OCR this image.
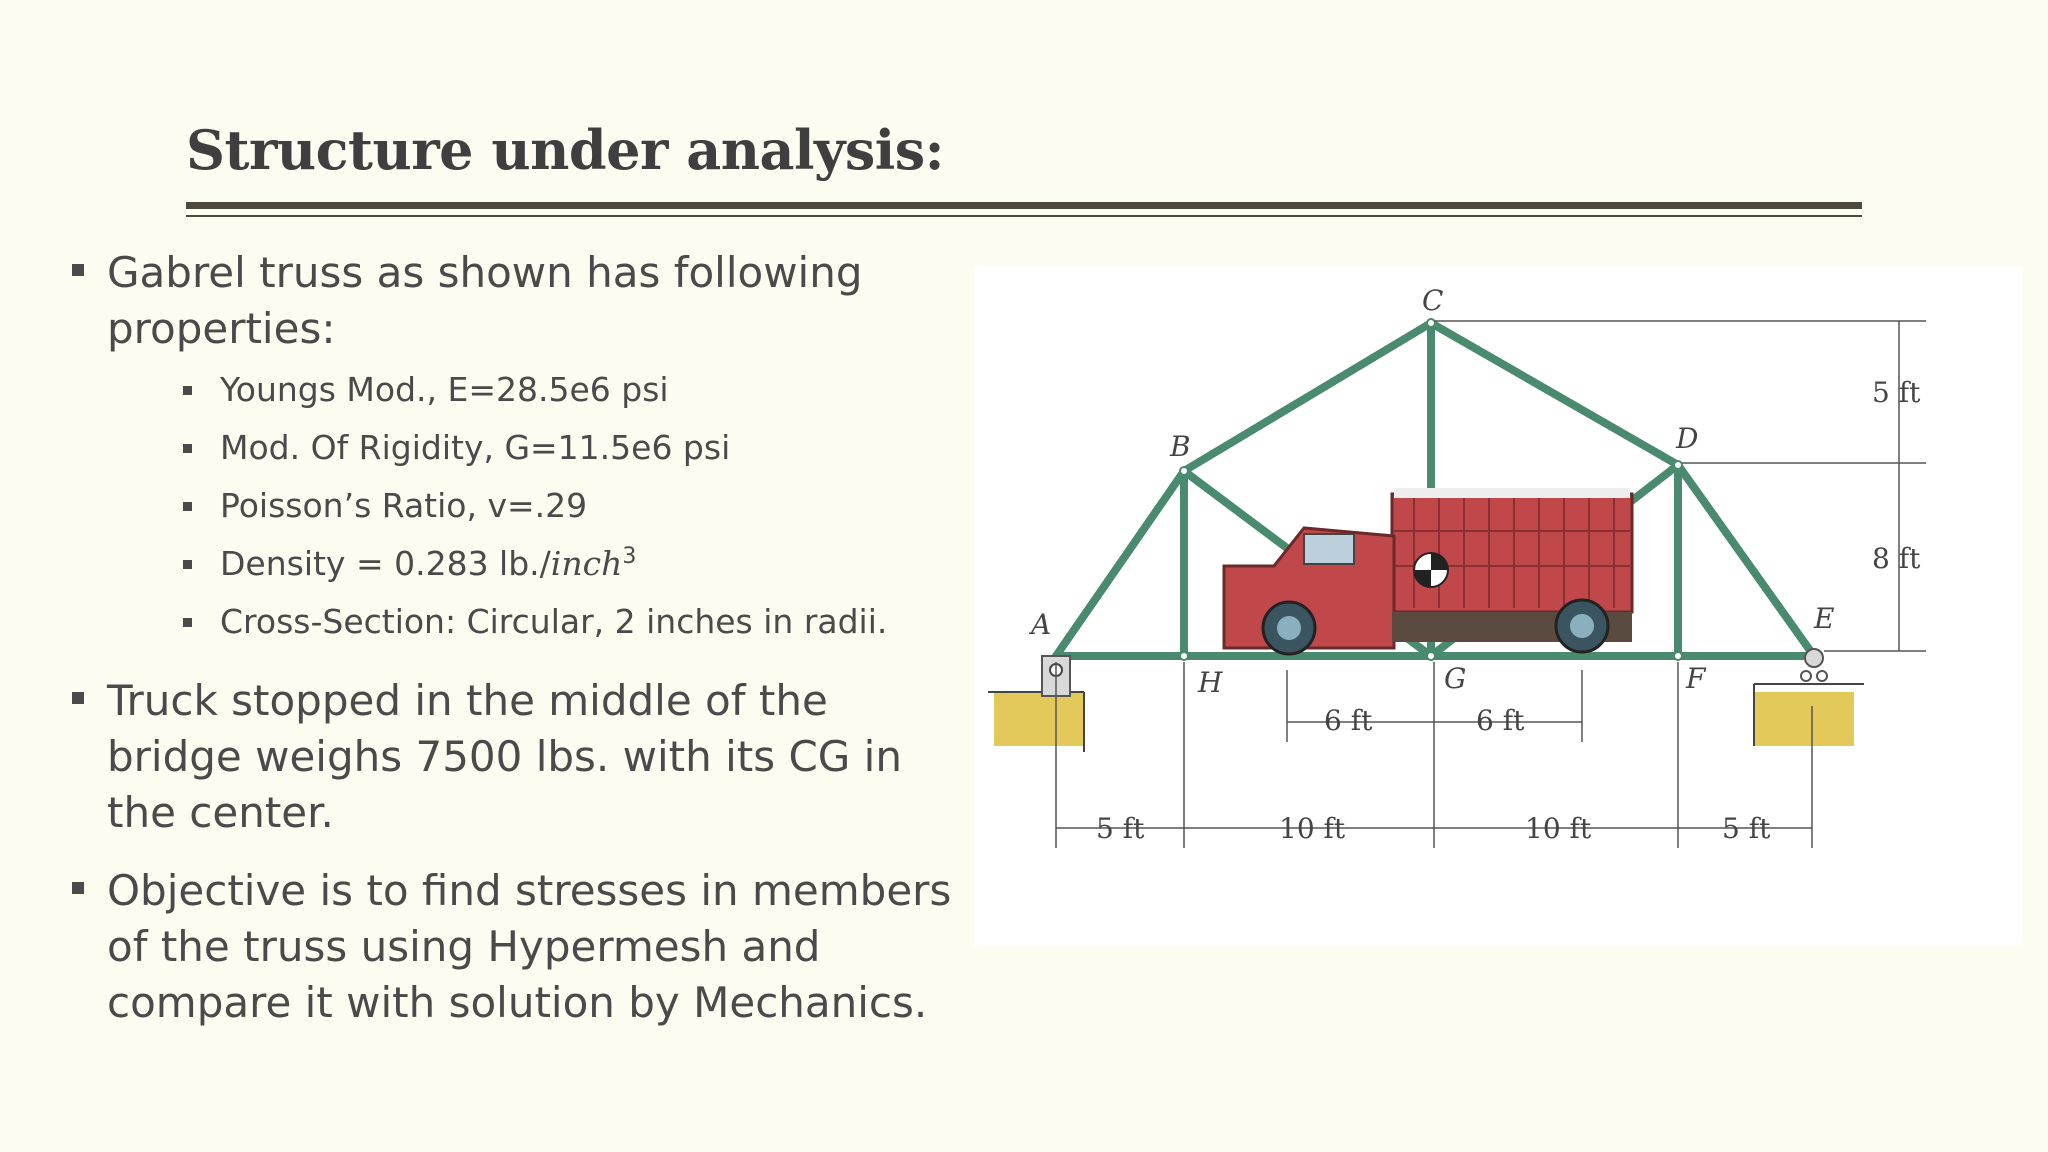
Structure under analysis:
Gabrel truss as shown has following properties:
Youngs Mod., E=28.5e6 psi
Mod. Of Rigidity, G=11.5e6 psi
Poisson’s Ratio, v=.29
Density = 0.283 lb./inch$^3$
Cross-Section: Circular, 2 inches in radii.
Truck stopped in the middle of the bridge weighs 7500 lbs. with its CG in the center.
Objective is to find stresses in members of the truss using Hypermesh and compare it with solution by Mechanics.
C
B	D
A	E
F
G
H
5 ft
8 ft
6 ft	6 ft
5 ft	10 ft	10 ft	5 ft
